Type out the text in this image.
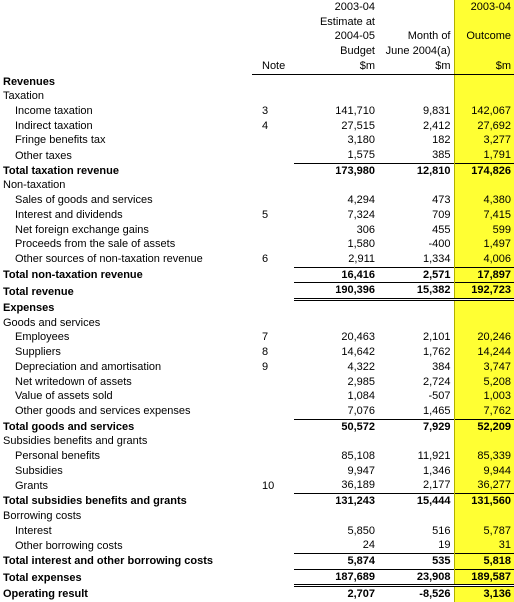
		2003-04		2003-04
		Estimate at		
		2004-05	Month of	Outcome
		Budget	June 2004(a)	
	Note	$m	$m	$m
Revenues				
Taxation				
Income taxation	3	141,710	9,831	142,067
Indirect taxation	4	27,515	2,412	27,692
Fringe benefits tax		3,180	182	3,277
Other taxes		1,575	385	1,791
Total taxation revenue		173,980	12,810	174,826
Non-taxation				
Sales of goods and services		4,294	473	4,380
Interest and dividends	5	7,324	709	7,415
Net foreign exchange gains		306	455	599
Proceeds from the sale of assets		1,580	-400	1,497
Other sources of non-taxation revenue	6	2,911	1,334	4,006
Total non-taxation revenue		16,416	2,571	17,897
Total revenue		190,396	15,382	192,723
Expenses				
Goods and services				
Employees	7	20,463	2,101	20,246
Suppliers	8	14,642	1,762	14,244
Depreciation and amortisation	9	4,322	384	3,747
Net writedown of assets		2,985	2,724	5,208
Value of assets sold		1,084	-507	1,003
Other goods and services expenses		7,076	1,465	7,762
Total goods and services		50,572	7,929	52,209
Subsidies benefits and grants				
Personal benefits		85,108	11,921	85,339
Subsidies		9,947	1,346	9,944
Grants	10	36,189	2,177	36,277
Total subsidies benefits and grants		131,243	15,444	131,560
Borrowing costs				
Interest		5,850	516	5,787
Other borrowing costs		24	19	31
Total interest and other borrowing costs		5,874	535	5,818
Total expenses		187,689	23,908	189,587
Operating result		2,707	-8,526	3,136
